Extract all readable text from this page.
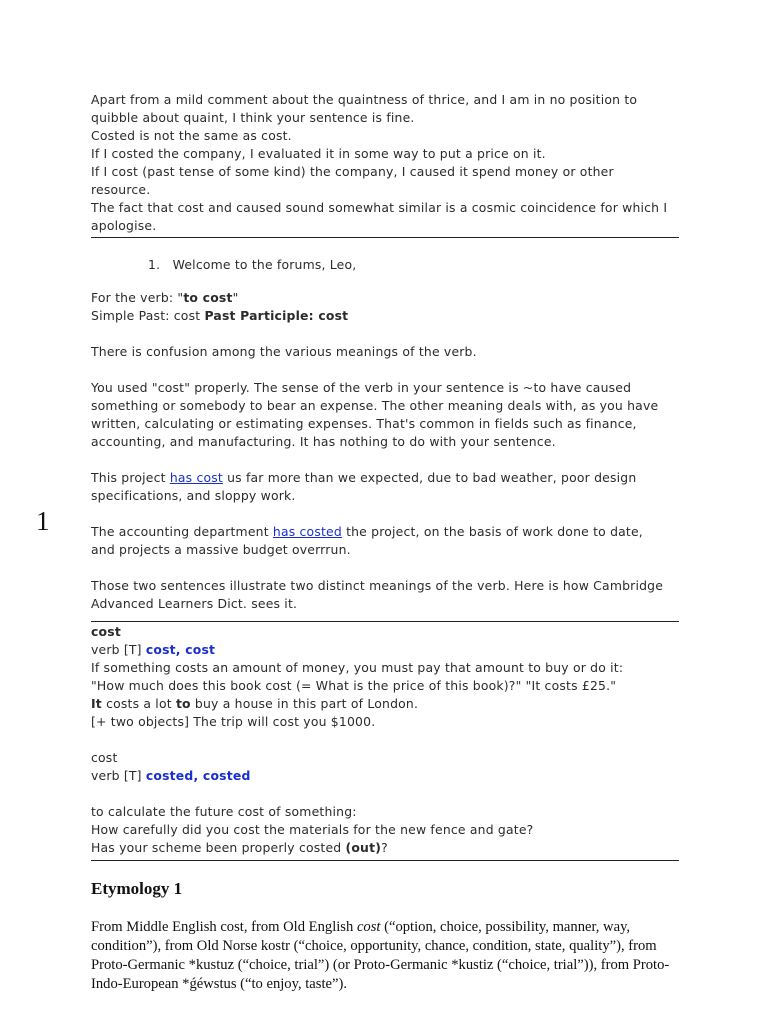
Apart from a mild comment about the quaintness of thrice, and I am in no position to

quibble about quaint, I think your sentence is fine.

Costed is not the same as cost.

If I costed the company, I evaluated it in some way to put a price on it.

If I cost (past tense of some kind) the company, I caused it spend money or other

resource.

The fact that cost and caused sound somewhat similar is a cosmic coincidence for which I

apologise.

1.   Welcome to the forums, Leo,

For the verb: "to cost"

Simple Past: cost Past Participle: cost

There is confusion among the various meanings of the verb.

You used "cost" properly. The sense of the verb in your sentence is ~to have caused

something or somebody to bear an expense. The other meaning deals with, as you have

written, calculating or estimating expenses. That's common in fields such as finance,

accounting, and manufacturing. It has nothing to do with your sentence.

This project has cost us far more than we expected, due to bad weather, poor design

specifications, and sloppy work.

The accounting department has costed the project, on the basis of work done to date,

and projects a massive budget overrrun.

Those two sentences illustrate two distinct meanings of the verb. Here is how Cambridge

Advanced Learners Dict. sees it.

1

cost

verb [T] cost, cost

If something costs an amount of money, you must pay that amount to buy or do it:

"How much does this book cost (= What is the price of this book)?" "It costs £25."

It costs a lot to buy a house in this part of London.

[+ two objects] The trip will cost you $1000.

cost

verb [T] costed, costed

to calculate the future cost of something:

How carefully did you cost the materials for the new fence and gate?

Has your scheme been properly costed (out)?

Etymology 1
From Middle English cost, from Old English cost (“option, choice, possibility, manner, way, condition”), from Old Norse kostr (“choice, opportunity, chance, condition, state, quality”), from Proto-Germanic *kustuz (“choice, trial”) (or Proto-Germanic *kustiz (“choice, trial”)), from Proto-Indo-European *ǵéwstus (“to enjoy, taste”).
